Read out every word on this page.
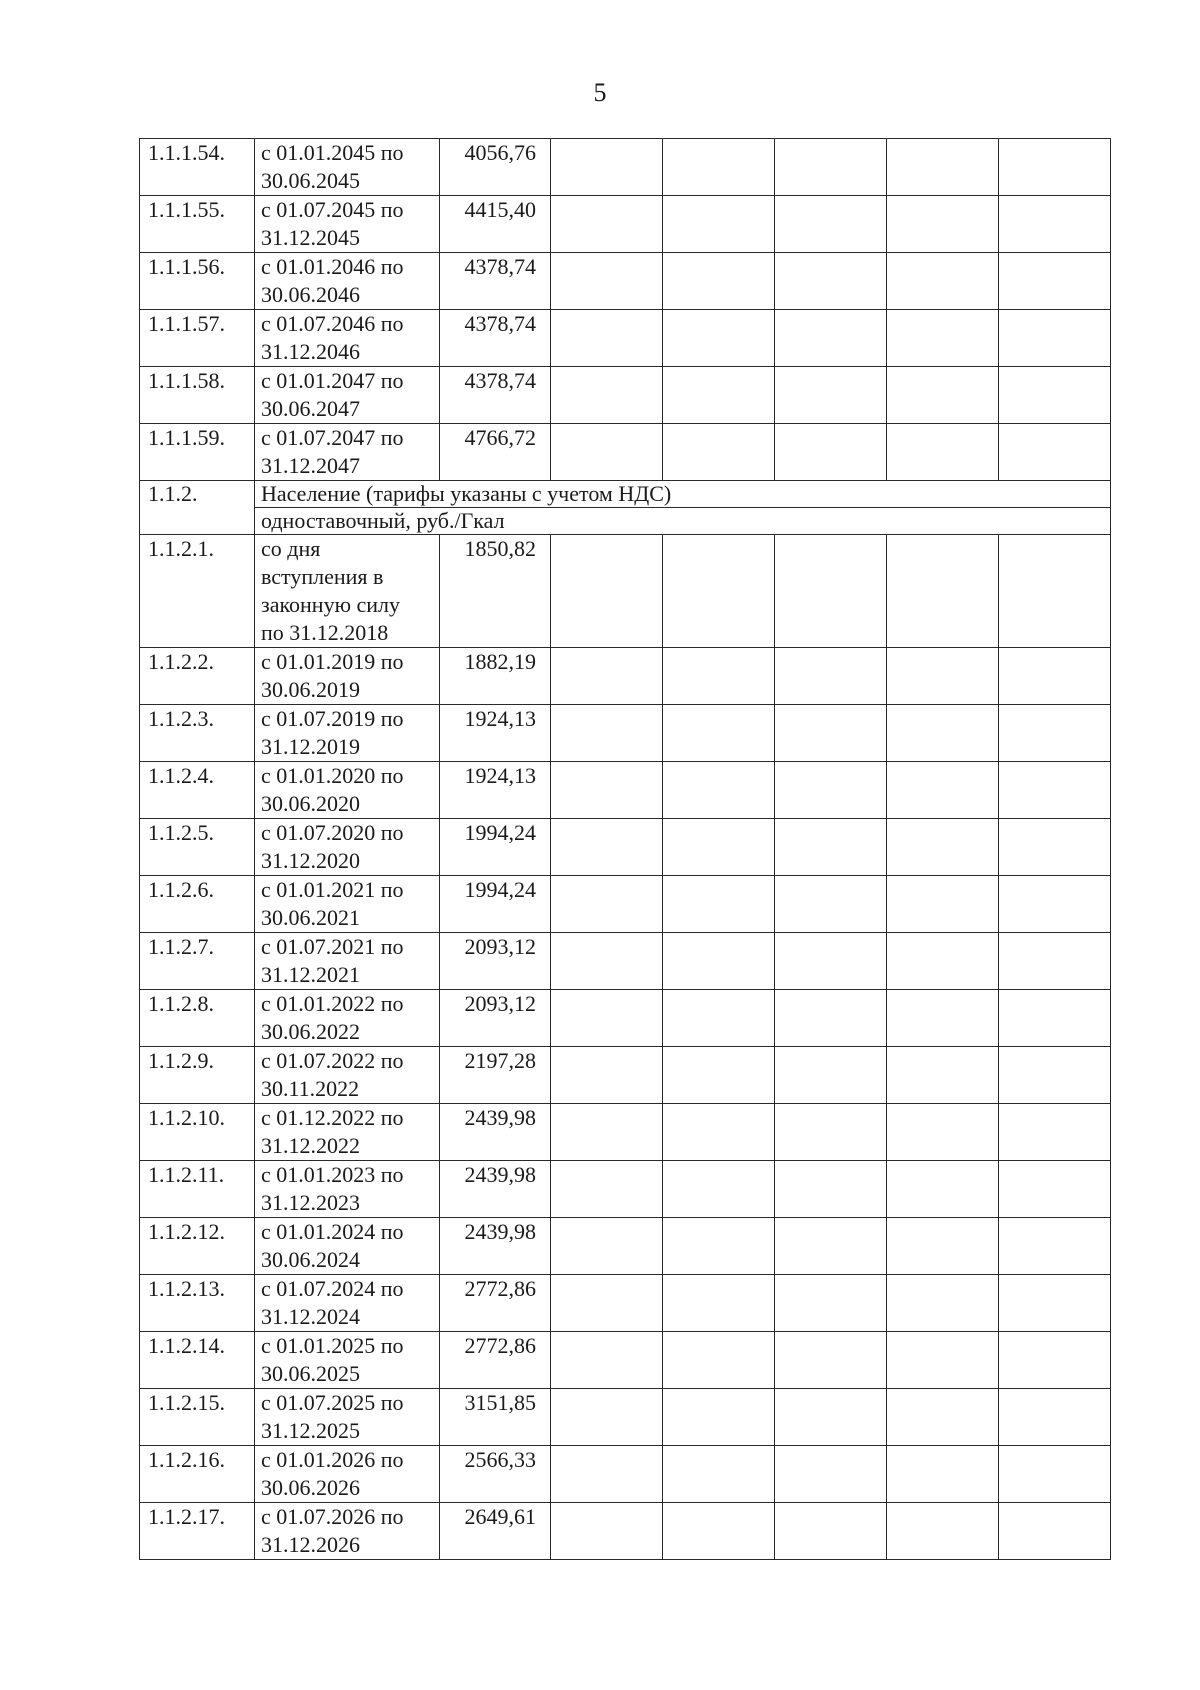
5
1.1.1.54.	с 01.01.2045 по
30.06.2045	4056,76					
1.1.1.55.	с 01.07.2045 по
31.12.2045	4415,40					
1.1.1.56.	с 01.01.2046 по
30.06.2046	4378,74					
1.1.1.57.	с 01.07.2046 по
31.12.2046	4378,74					
1.1.1.58.	с 01.01.2047 по
30.06.2047	4378,74					
1.1.1.59.	с 01.07.2047 по
31.12.2047	4766,72					
1.1.2.	Население (тарифы указаны с учетом НДС)						
	одноставочный, руб./Гкал						
1.1.2.1.	со дня
вступления в
законную силу
по 31.12.2018	1850,82					
1.1.2.2.	с 01.01.2019 по
30.06.2019	1882,19					
1.1.2.3.	с 01.07.2019 по
31.12.2019	1924,13					
1.1.2.4.	с 01.01.2020 по
30.06.2020	1924,13					
1.1.2.5.	с 01.07.2020 по
31.12.2020	1994,24					
1.1.2.6.	с 01.01.2021 по
30.06.2021	1994,24					
1.1.2.7.	с 01.07.2021 по
31.12.2021	2093,12					
1.1.2.8.	с 01.01.2022 по
30.06.2022	2093,12					
1.1.2.9.	с 01.07.2022 по
30.11.2022	2197,28					
1.1.2.10.	с 01.12.2022 по
31.12.2022	2439,98					
1.1.2.11.	с 01.01.2023 по
31.12.2023	2439,98					
1.1.2.12.	с 01.01.2024 по
30.06.2024	2439,98					
1.1.2.13.	с 01.07.2024 по
31.12.2024	2772,86					
1.1.2.14.	с 01.01.2025 по
30.06.2025	2772,86					
1.1.2.15.	с 01.07.2025 по
31.12.2025	3151,85					
1.1.2.16.	с 01.01.2026 по
30.06.2026	2566,33					
1.1.2.17.	с 01.07.2026 по
31.12.2026	2649,61					
